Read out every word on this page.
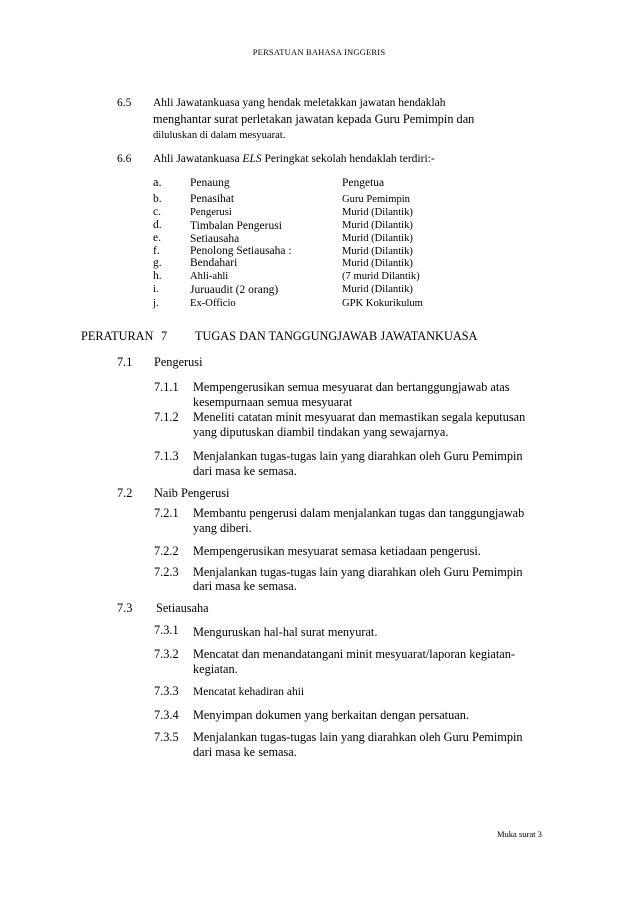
PERSATUAN BAHASA INGGERIS
6.5 Ahli Jawatankuasa yang hendak meletakkan jawatan hendaklah
menghantar surat perletakan jawatan kepada Guru Pemimpin dan
diluluskan di dalam mesyuarat.
6.6 Ahli Jawatankuasa ELS Peringkat sekolah hendaklah terdiri:-
a. Penaung	Pengetua
b. Penasihat	Guru Pemimpin
c.	Pengerusi	Murid (Dilantik)
d. Timbalan Pengerusi	Murid (Dilantik)
e.	Setiausaha	Murid (Dilantik)
f.	Penolong Setiausaha :	Murid (Dilantik)
g. Bendahari	Murid (Dilantik)
h.	Ahli-ahli	(7 murid Dilantik)
i.	Juruaudit (2 orang)	Murid (Dilantik)
j.	Ex-Officio	GPK Kokurikulum
PERATURAN 7 TUGAS DAN TANGGUNGJAWAB JAWATANKUASA
7.1 Pengerusi
7.1.1 Mempengerusikan semua mesyuarat dan bertanggungjawab atas
kesempurnaan semua mesyuarat
7.1.2 Meneliti catatan minit mesyuarat dan memastikan segala keputusan
yang diputuskan diambil tindakan yang sewajarnya.
7.1.3 Menjalankan tugas-tugas lain yang diarahkan oleh Guru Pemimpin
dari masa ke semasa.
7.2 Naib Pengerusi
7.2.1 Membantu pengerusi dalam menjalankan tugas dan tanggungjawab
yang diberi.
7.2.2 Mempengerusikan mesyuarat semasa ketiadaan pengerusi.
7.2.3 Menjalankan tugas-tugas lain yang diarahkan oleh Guru Pemimpin
dari masa ke semasa.
7.3 Setiausaha
7.3.1 Menguruskan hal-hal surat menyurat.
7.3.2 Mencatat dan menandatangani minit mesyuarat/laporan kegiatan-
kegiatan.
7.3.3 Mencatat kehadiran ahii
7.3.4 Menyimpan dokumen yang berkaitan dengan persatuan.
7.3.5 Menjalankan tugas-tugas lain yang diarahkan oleh Guru Pemimpin
dari masa ke semasa.
Muka surat 3
